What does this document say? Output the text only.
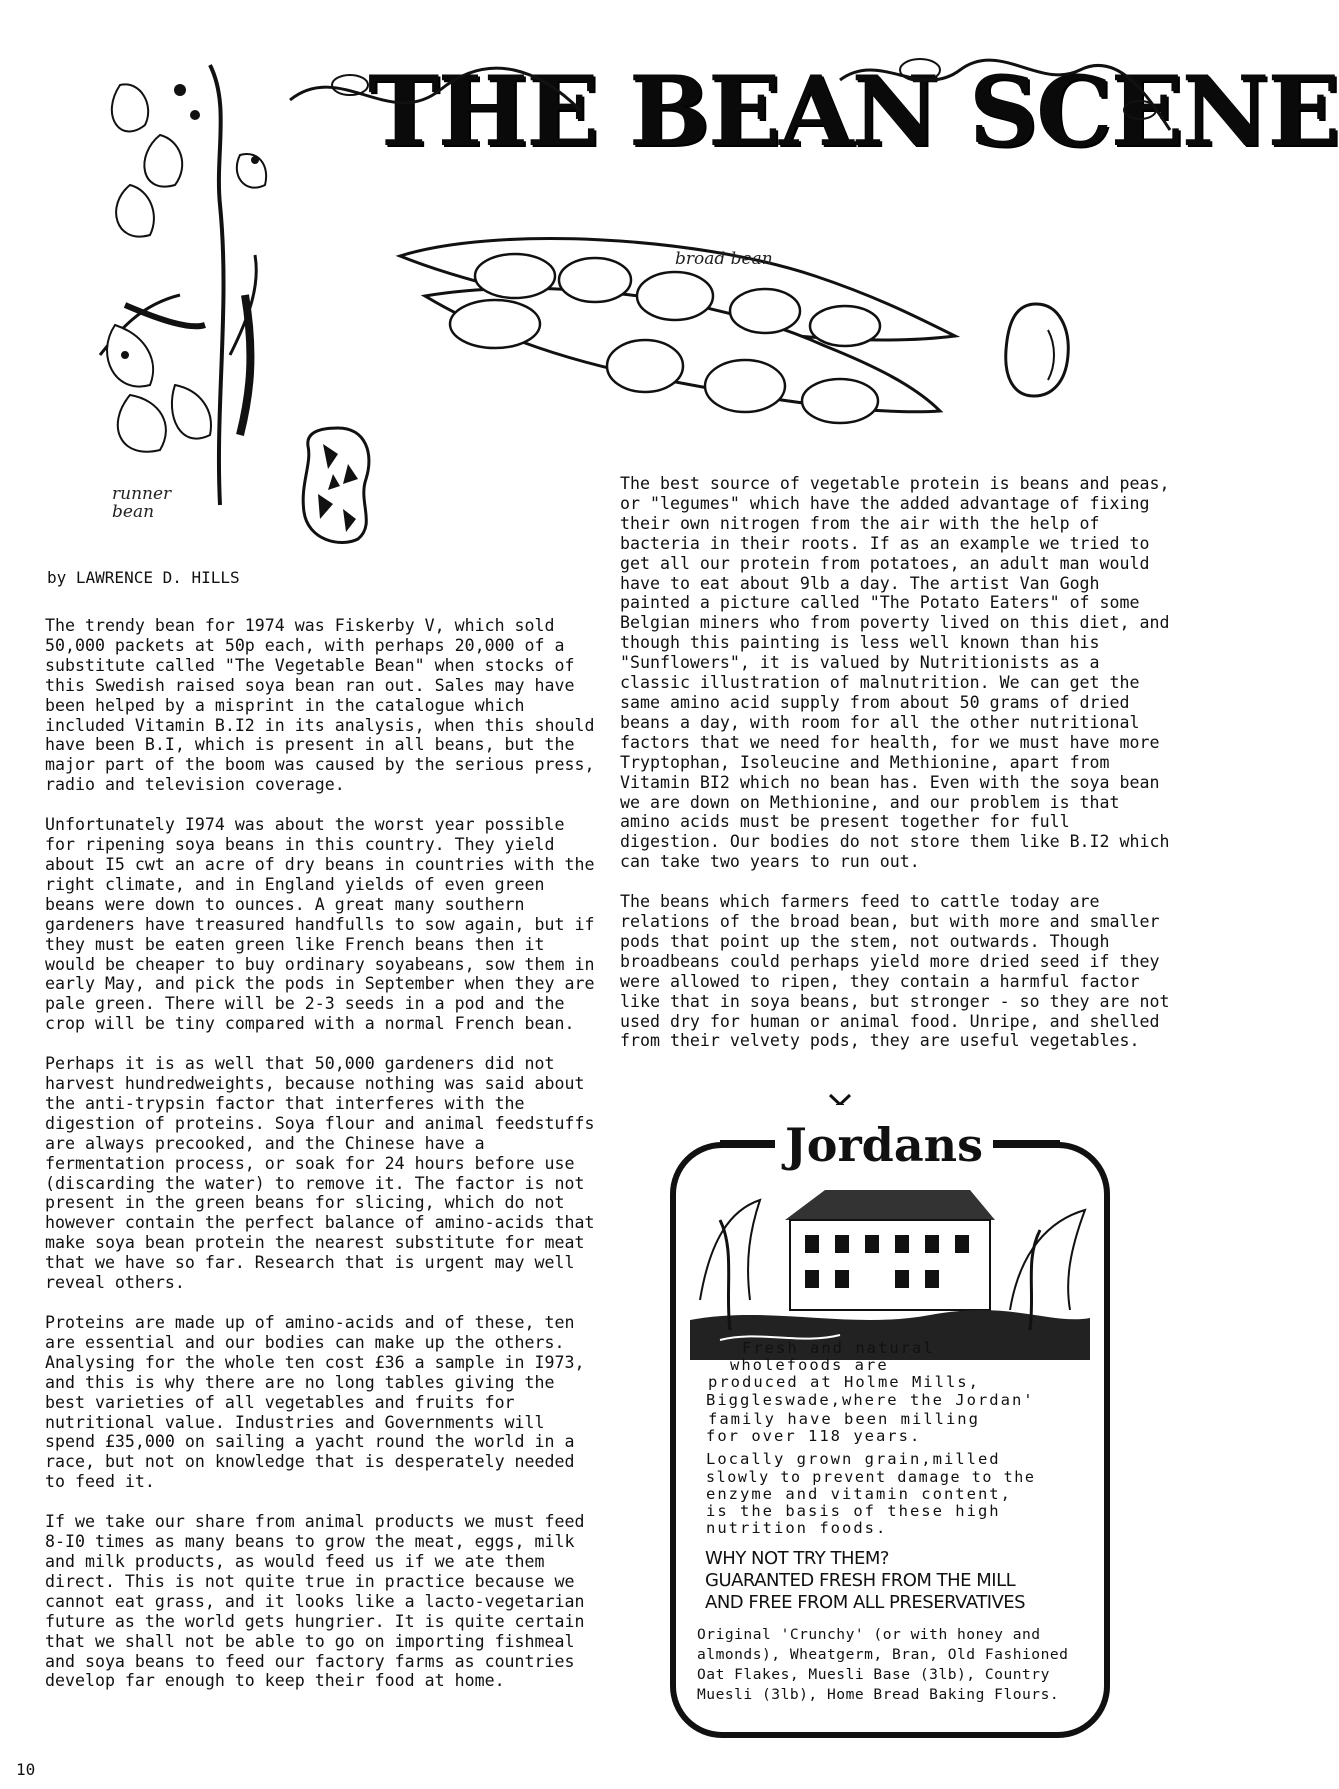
THE BEAN SCENE
runner bean
broad bean
by LAWRENCE D. HILLS

The trendy bean for 1974 was Fiskerby V, which sold 50,000 packets at 50p each, with perhaps 20,000 of a substitute called "The Vegetable Bean" when stocks of this Swedish raised soya bean ran out. Sales may have been helped by a misprint in the catalogue which included Vitamin B.I2 in its analysis, when this should have been B.I, which is present in all beans, but the major part of the boom was caused by the serious press, radio and television coverage.

Unfortunately I974 was about the worst year possible for ripening soya beans in this country. They yield about I5 cwt an acre of dry beans in countries with the right climate, and in England yields of even green beans were down to ounces. A great many southern gardeners have treasured handfulls to sow again, but if they must be eaten green like French beans then it would be cheaper to buy ordinary soyabeans, sow them in early May, and pick the pods in September when they are pale green. There will be 2-3 seeds in a pod and the crop will be tiny compared with a normal French bean.

Perhaps it is as well that 50,000 gardeners did not harvest hundredweights, because nothing was said about the anti-trypsin factor that interferes with the digestion of proteins. Soya flour and animal feedstuffs are always precooked, and the Chinese have a fermentation process, or soak for 24 hours before use (discarding the water) to remove it. The factor is not present in the green beans for slicing, which do not however contain the perfect balance of amino-acids that make soya bean protein the nearest substitute for meat that we have so far. Research that is urgent may well reveal others.

Proteins are made up of amino-acids and of these, ten are essential and our bodies can make up the others. Analysing for the whole ten cost £36 a sample in I973, and this is why there are no long tables giving the best varieties of all vegetables and fruits for nutritional value. Industries and Governments will spend £35,000 on sailing a yacht round the world in a race, but not on knowledge that is desperately needed to feed it.

If we take our share from animal products we must feed 8-I0 times as many beans to grow the meat, eggs, milk and milk products, as would feed us if we ate them direct. This is not quite true in practice because we cannot eat grass, and it looks like a lacto-vegetarian future as the world gets hungrier. It is quite certain that we shall not be able to go on importing fishmeal and soya beans to feed our factory farms as countries develop far enough to keep their food at home.

The best source of vegetable protein is beans and peas, or "legumes" which have the added advantage of fixing their own nitrogen from the air with the help of bacteria in their roots. If as an example we tried to get all our protein from potatoes, an adult man would have to eat about 9lb a day. The artist Van Gogh painted a picture called "The Potato Eaters" of some Belgian miners who from poverty lived on this diet, and though this painting is less well known than his "Sunflowers", it is valued by Nutritionists as a classic illustration of malnutrition. We can get the same amino acid supply from about 50 grams of dried beans a day, with room for all the other nutritional factors that we need for health, for we must have more Tryptophan, Isoleucine and Methionine, apart from Vitamin BI2 which no bean has. Even with the soya bean we are down on Methionine, and our problem is that amino acids must be present together for full digestion. Our bodies do not store them like B.I2 which can take two years to run out.

The beans which farmers feed to cattle today are relations of the broad bean, but with more and smaller pods that point up the stem, not outwards. Though broadbeans could perhaps yield more dried seed if they were allowed to ripen, they contain a harmful factor like that in soya beans, but stronger - so they are not used dry for human or animal food. Unripe, and shelled from their velvety pods, they are useful vegetables.

Jordans
Fresh and natural
wholefoods are
produced at Holme Mills,
Biggleswade,where the Jordan'
family have been milling
for over 118 years.
Locally grown grain,milled
slowly to prevent damage to the
enzyme and vitamin content,
is the basis of these high
nutrition foods.
WHY NOT TRY THEM?
GUARANTED FRESH FROM THE MILL
AND FREE FROM ALL PRESERVATIVES
Original 'Crunchy' (or with honey and almonds), Wheatgerm, Bran, Old Fashioned Oat Flakes, Muesli Base (3lb), Country Muesli (3lb), Home Bread Baking Flours.
10
